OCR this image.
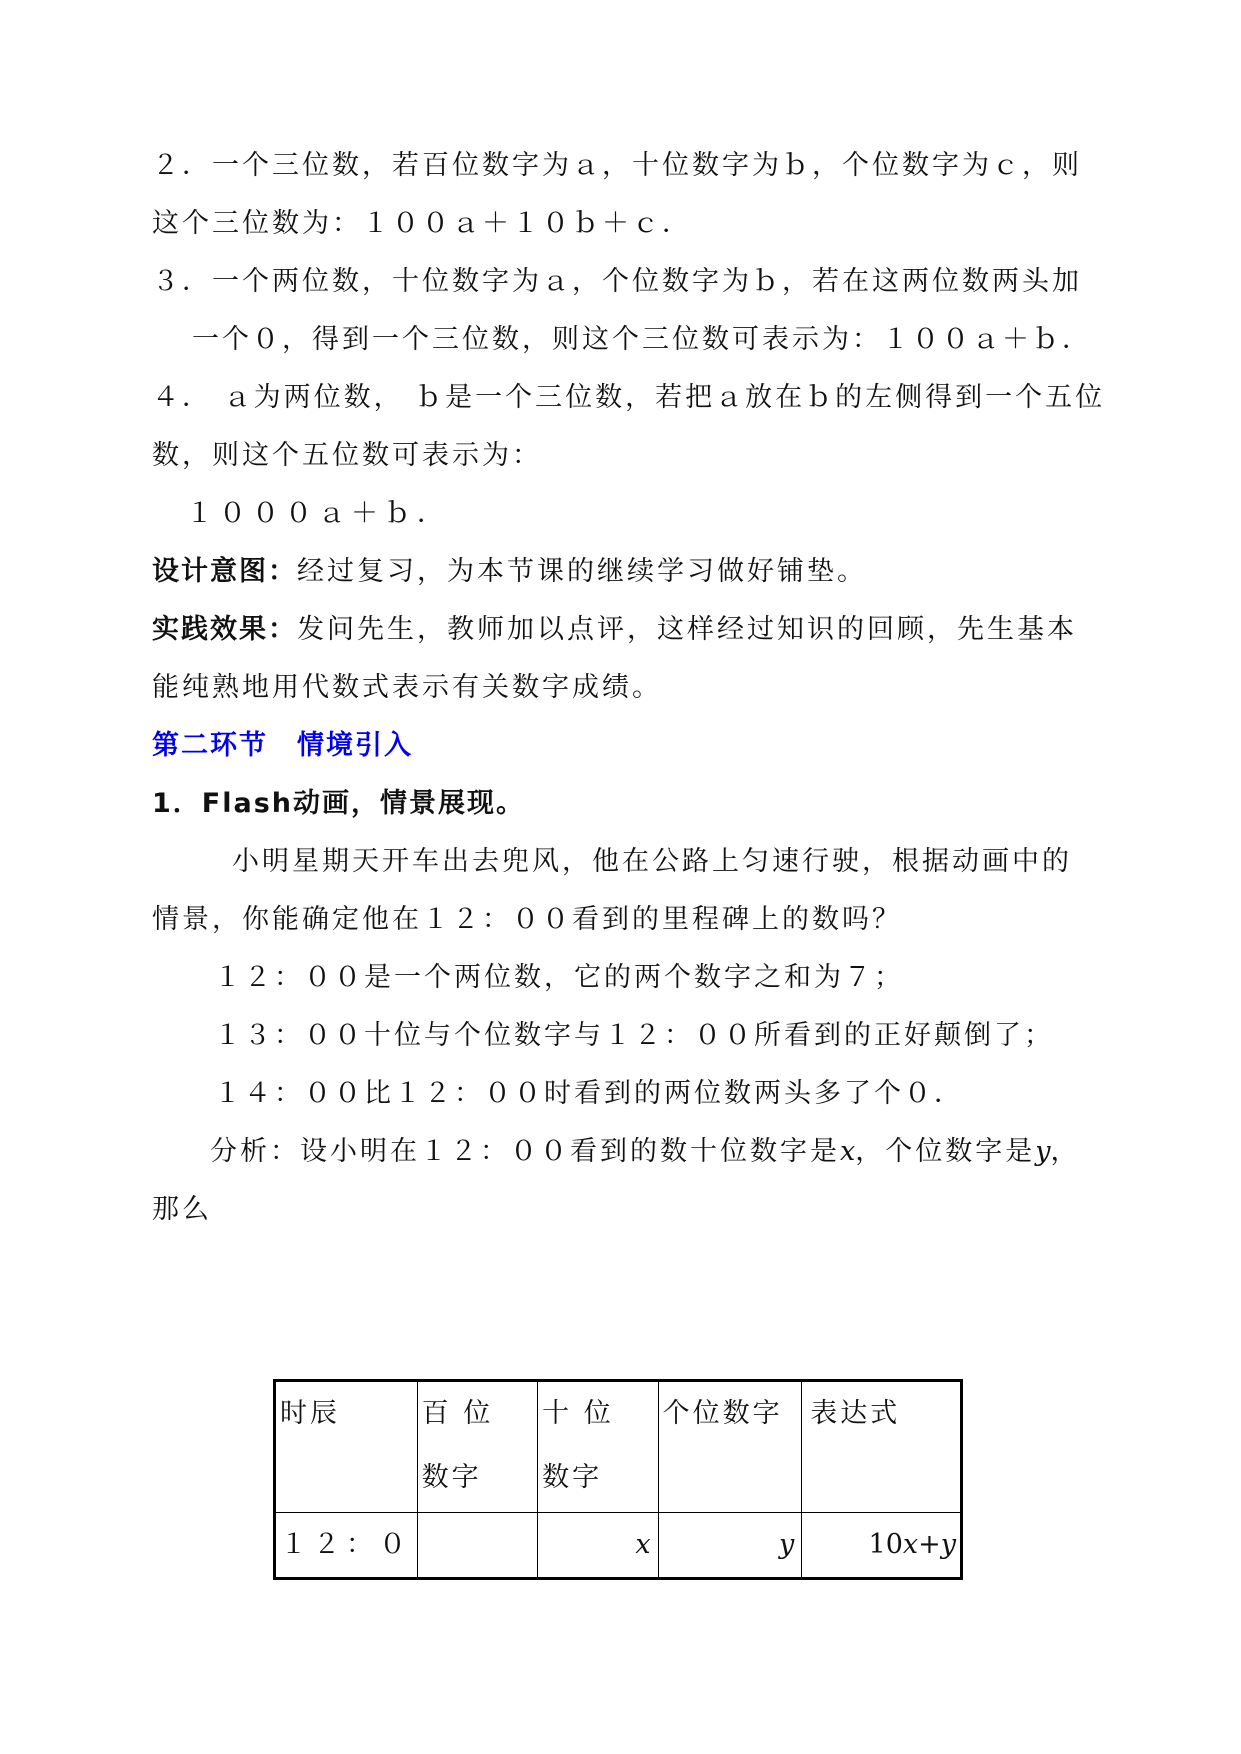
２．一个三位数，若百位数字为ａ，十位数字为ｂ，个位数字为ｃ，则
这个三位数为：１００ａ＋１０ｂ＋ｃ．
３．一个两位数，十位数字为ａ，个位数字为ｂ，若在这两位数两头加
一个０，得到一个三位数，则这个三位数可表示为：１００ａ＋ｂ．
４． ａ为两位数， ｂ是一个三位数，若把ａ放在ｂ的左侧得到一个五位
数，则这个五位数可表示为：
１０００ａ＋ｂ．
设计意图：经过复习，为本节课的继续学习做好铺垫。
实践效果：发问先生，教师加以点评，这样经过知识的回顾，先生基本
能纯熟地用代数式表示有关数字成绩。
第二环节　情境引入
1．Flash动画，情景展现。
小明星期天开车出去兜风，他在公路上匀速行驶，根据动画中的
情景，你能确定他在１２：００看到的里程碑上的数吗？
１２：００是一个两位数，它的两个数字之和为７；
１３：００十位与个位数字与１２：００所看到的正好颠倒了；
１４：００比１２：００时看到的两位数两头多了个０．
分析：设小明在１２：００看到的数十位数字是x，个位数字是y，
那么
时辰	百 位 数字	十 位 数字	个位数字	表达式

１２：０		x	y	10x+y
